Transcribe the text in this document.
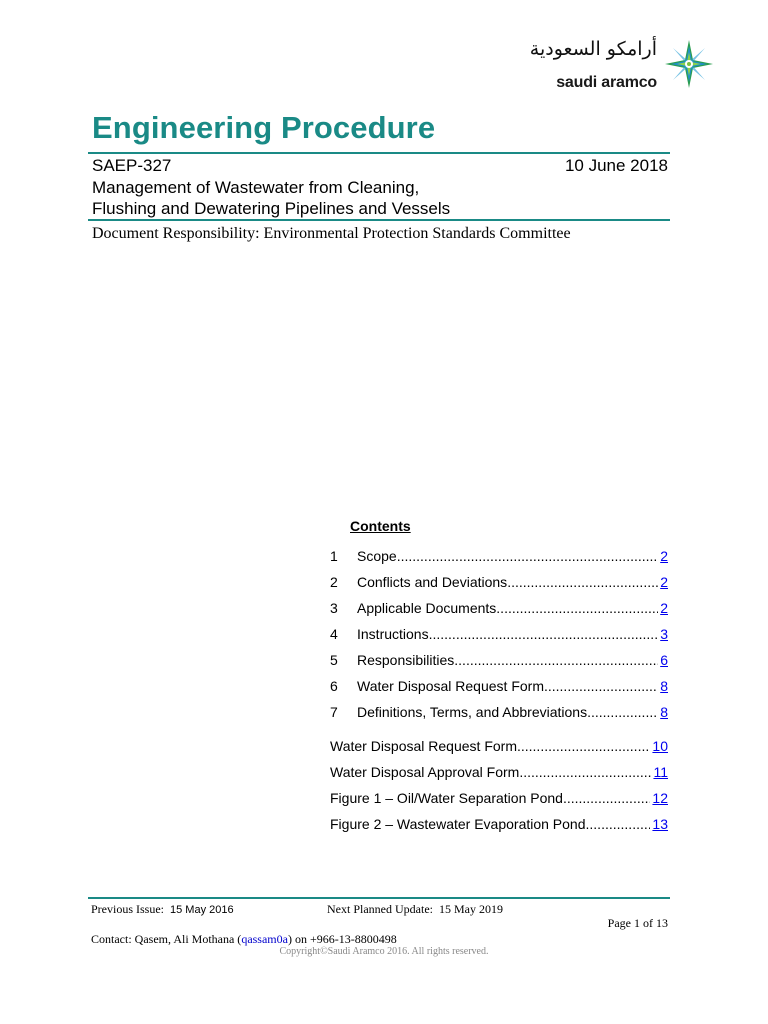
أرامكو السعودية
saudi aramco
Engineering Procedure
SAEP-327	10 June 2018
Management of Wastewater from Cleaning,
Flushing and Dewatering Pipelines and Vessels
Document Responsibility: Environmental Protection Standards Committee
Contents
1	Scope .....	2
2	Conflicts and Deviations .....	2
3	Applicable Documents .....	2
4	Instructions .....	3
5	Responsibilities .....	6
6	Water Disposal Request Form .....	8
7	Definitions, Terms, and Abbreviations .....	8
Water Disposal Request Form .....	10
Water Disposal Approval Form .....	11
Figure 1 – Oil/Water Separation Pond .....	12
Figure 2 – Wastewater Evaporation Pond .....	13
Previous Issue: 15 May 2016	Next Planned Update: 15 May 2019
Page 1 of 13
Contact: Qasem, Ali Mothana (qassam0a) on +966-13-8800498
Copyright©Saudi Aramco 2016. All rights reserved.
